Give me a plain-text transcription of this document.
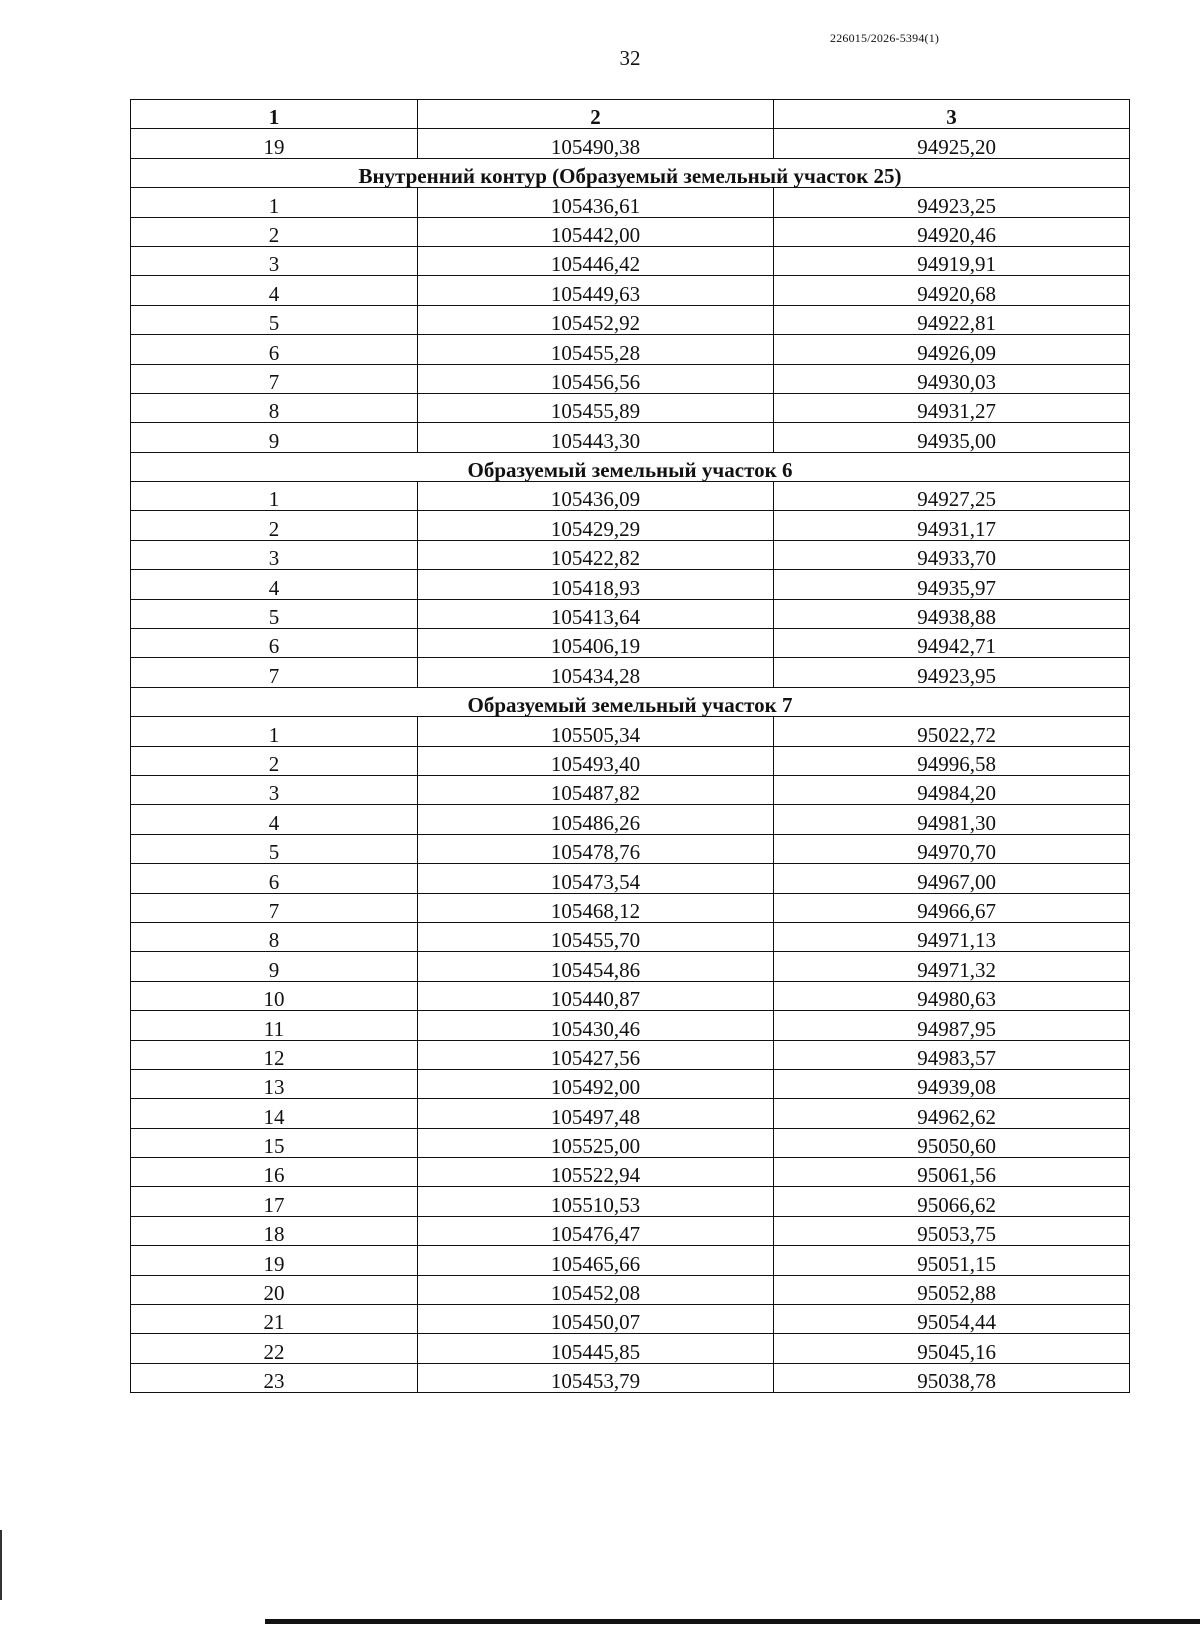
226015/2026-5394(1)
32
1	2	3
19	105490,38	94925,20
Внутренний контур (Образуемый земельный участок 25)		
1	105436,61	94923,25
2	105442,00	94920,46
3	105446,42	94919,91
4	105449,63	94920,68
5	105452,92	94922,81
6	105455,28	94926,09
7	105456,56	94930,03
8	105455,89	94931,27
9	105443,30	94935,00
Образуемый земельный участок 6		
1	105436,09	94927,25
2	105429,29	94931,17
3	105422,82	94933,70
4	105418,93	94935,97
5	105413,64	94938,88
6	105406,19	94942,71
7	105434,28	94923,95
Образуемый земельный участок 7		
1	105505,34	95022,72
2	105493,40	94996,58
3	105487,82	94984,20
4	105486,26	94981,30
5	105478,76	94970,70
6	105473,54	94967,00
7	105468,12	94966,67
8	105455,70	94971,13
9	105454,86	94971,32
10	105440,87	94980,63
11	105430,46	94987,95
12	105427,56	94983,57
13	105492,00	94939,08
14	105497,48	94962,62
15	105525,00	95050,60
16	105522,94	95061,56
17	105510,53	95066,62
18	105476,47	95053,75
19	105465,66	95051,15
20	105452,08	95052,88
21	105450,07	95054,44
22	105445,85	95045,16
23	105453,79	95038,78
